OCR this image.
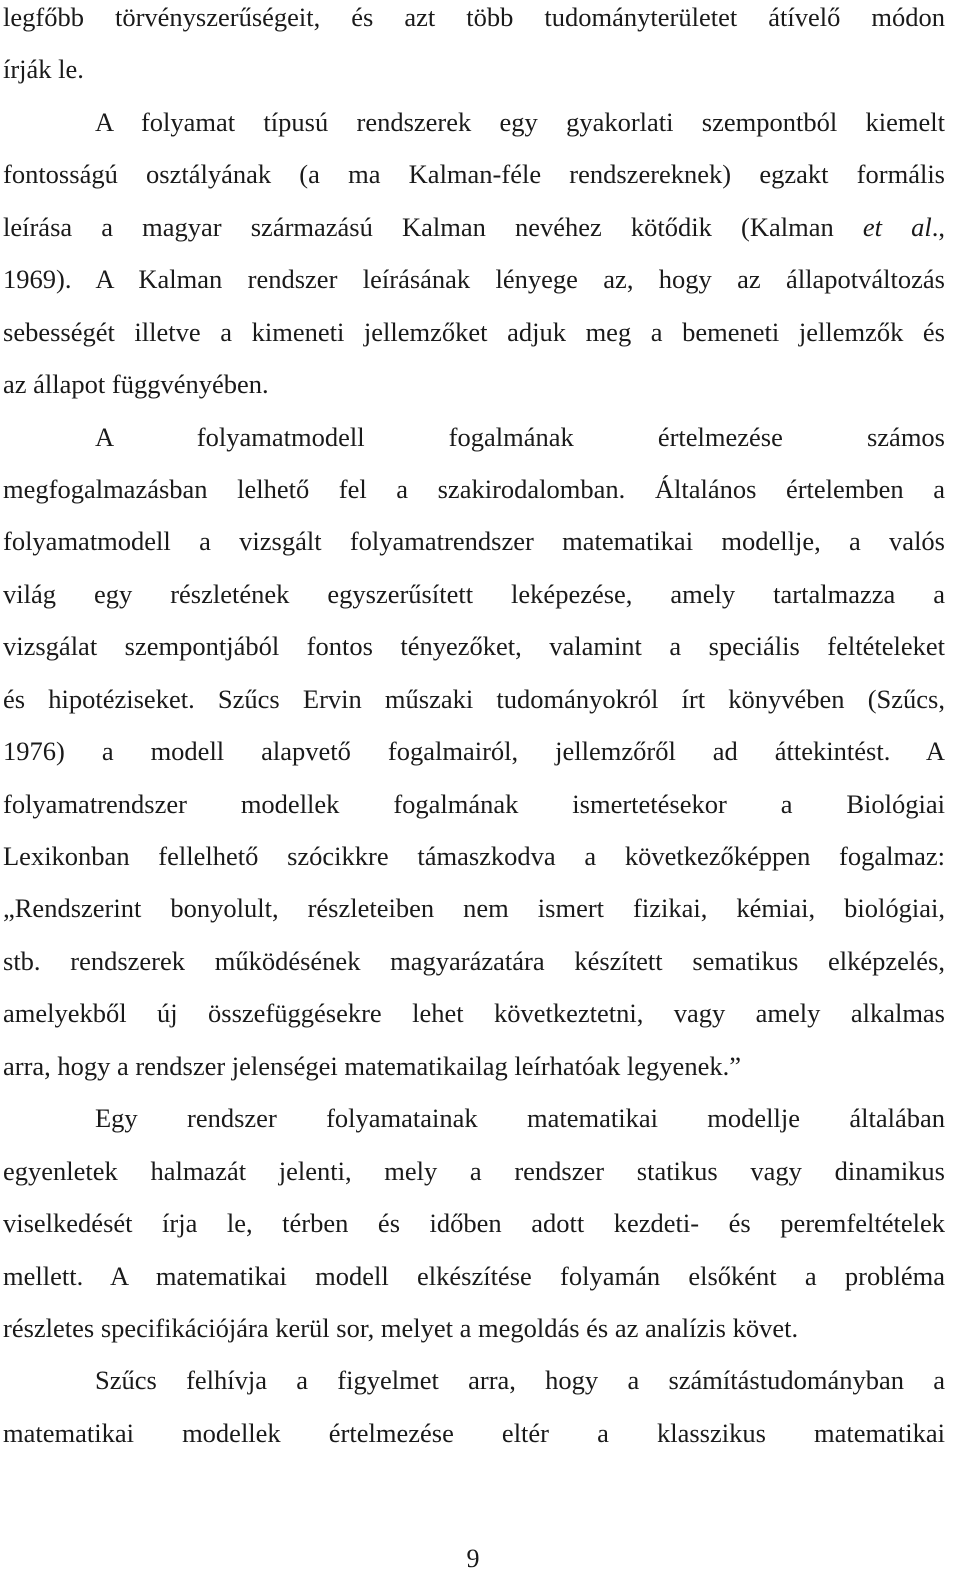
legfőbb törvényszerűségeit, és azt több tudományterületet átívelő módon
írják le.
A folyamat típusú rendszerek egy gyakorlati szempontból kiemelt
fontosságú osztályának (a ma Kalman-féle rendszereknek) egzakt formális
leírása a magyar származású Kalman nevéhez kötődik (Kalman et al.,
1969). A Kalman rendszer leírásának lényege az, hogy az állapotváltozás
sebességét illetve a kimeneti jellemzőket adjuk meg a bemeneti jellemzők és
az állapot függvényében.
A folyamatmodell fogalmának értelmezése számos
megfogalmazásban lelhető fel a szakirodalomban. Általános értelemben a
folyamatmodell a vizsgált folyamatrendszer matematikai modellje, a valós
világ egy részletének egyszerűsített leképezése, amely tartalmazza a
vizsgálat szempontjából fontos tényezőket, valamint a speciális feltételeket
és hipotéziseket. Szűcs Ervin műszaki tudományokról írt könyvében (Szűcs,
1976) a modell alapvető fogalmairól, jellemzőről ad áttekintést. A
folyamatrendszer modellek fogalmának ismertetésekor a Biológiai
Lexikonban fellelhető szócikkre támaszkodva a következőképpen fogalmaz:
„Rendszerint bonyolult, részleteiben nem ismert fizikai, kémiai, biológiai,
stb. rendszerek működésének magyarázatára készített sematikus elképzelés,
amelyekből új összefüggésekre lehet következtetni, vagy amely alkalmas
arra, hogy a rendszer jelenségei matematikailag leírhatóak legyenek.”
Egy rendszer folyamatainak matematikai modellje általában
egyenletek halmazát jelenti, mely a rendszer statikus vagy dinamikus
viselkedését írja le, térben és időben adott kezdeti- és peremfeltételek
mellett. A matematikai modell elkészítése folyamán elsőként a probléma
részletes specifikációjára kerül sor, melyet a megoldás és az analízis követ.
Szűcs felhívja a figyelmet arra, hogy a számítástudományban a
matematikai modellek értelmezése eltér a klasszikus matematikai
9
